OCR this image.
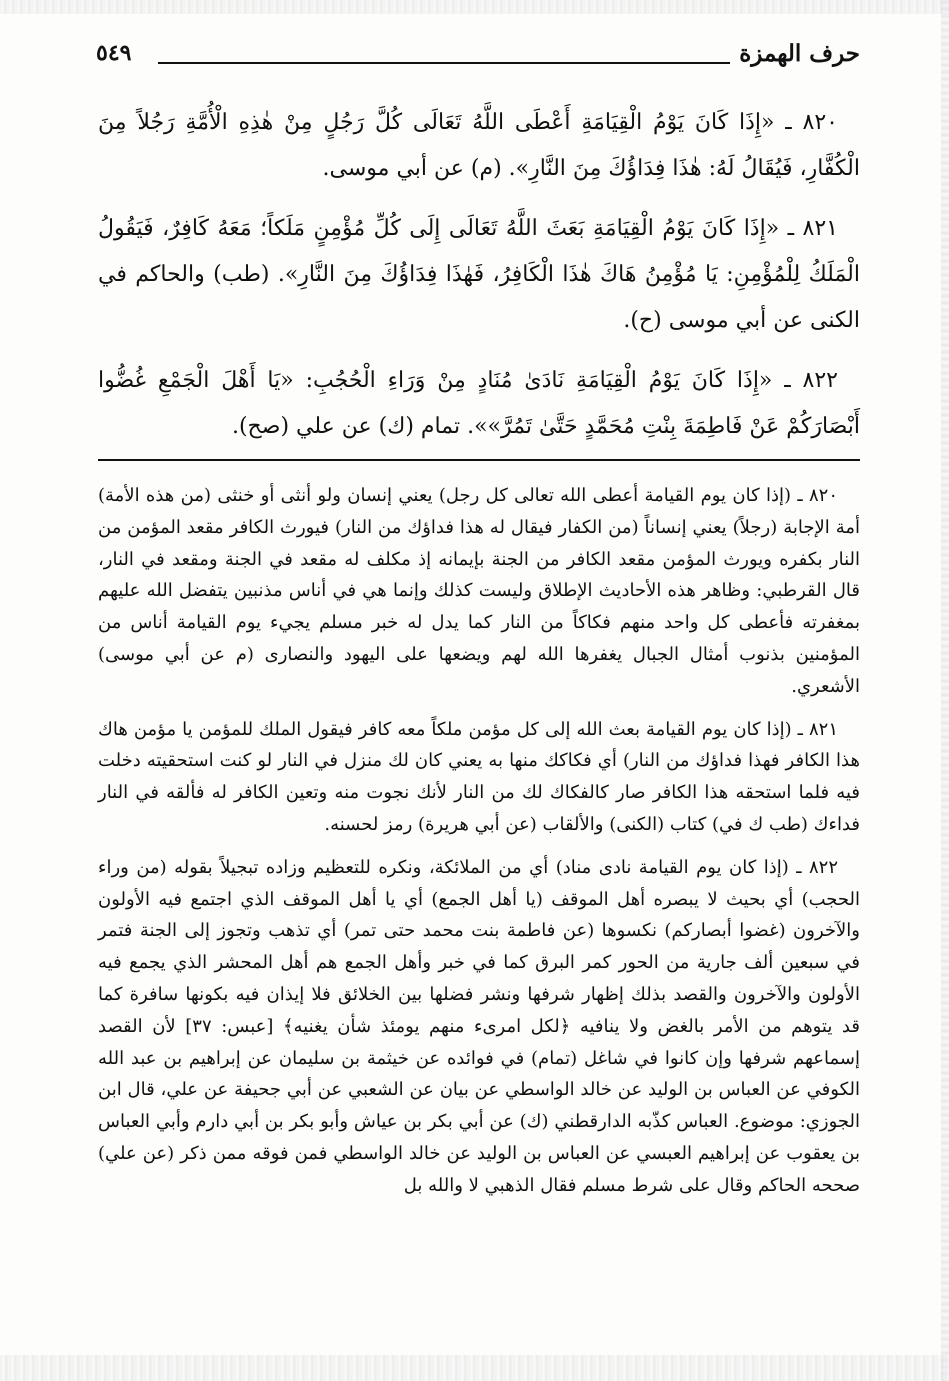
حرف الهمزة
٥٤٩

٨٢٠ ـ «إِذَا كَانَ يَوْمُ الْقِيَامَةِ أَعْطَى اللَّهُ تَعَالَى كُلَّ رَجُلٍ مِنْ هٰذِهِ الْأُمَّةِ رَجُلاً مِنَ الْكُفَّارِ، فَيُقَالُ لَهُ: هٰذَا فِدَاؤُكَ مِنَ النَّارِ». (م) عن أبي موسى.

٨٢١ ـ «إِذَا كَانَ يَوْمُ الْقِيَامَةِ بَعَثَ اللَّهُ تَعَالَى إِلَى كُلِّ مُؤْمِنٍ مَلَكاً؛ مَعَهُ كَافِرٌ، فَيَقُولُ الْمَلَكُ لِلْمُؤْمِنِ: يَا مُؤْمِنُ هَاكَ هٰذَا الْكَافِرُ، فَهٰذَا فِدَاؤُكَ مِنَ النَّارِ». (طب) والحاكم في الكنى عن أبي موسى (ح).

٨٢٢ ـ «إِذَا كَانَ يَوْمُ الْقِيَامَةِ نَادَىٰ مُنَادٍ مِنْ وَرَاءِ الْحُجُبِ: «يَا أَهْلَ الْجَمْعِ غُضُّوا أَبْصَارَكُمْ عَنْ فَاطِمَةَ بِنْتِ مُحَمَّدٍ حَتَّىٰ تَمُرَّ»». تمام (ك) عن علي (صح).

٨٢٠ ـ (إذا كان يوم القيامة أعطى الله تعالى كل رجل) يعني إنسان ولو أنثى أو خنثى (من هذه الأمة) أمة الإجابة (رجلاً) يعني إنساناً (من الكفار فيقال له هذا فداؤك من النار) فيورث الكافر مقعد المؤمن من النار بكفره ويورث المؤمن مقعد الكافر من الجنة بإيمانه إذ مكلف له مقعد في الجنة ومقعد في النار، قال القرطبي: وظاهر هذه الأحاديث الإطلاق وليست كذلك وإنما هي في أناس مذنبين يتفضل الله عليهم بمغفرته فأعطى كل واحد منهم فكاكاً من النار كما يدل له خبر مسلم يجيء يوم القيامة أناس من المؤمنين بذنوب أمثال الجبال يغفرها الله لهم ويضعها على اليهود والنصارى (م عن أبي موسى) الأشعري.

٨٢١ ـ (إذا كان يوم القيامة بعث الله إلى كل مؤمن ملكاً معه كافر فيقول الملك للمؤمن يا مؤمن هاك هذا الكافر فهذا فداؤك من النار) أي فكاكك منها به يعني كان لك منزل في النار لو كنت استحقيته دخلت فيه فلما استحقه هذا الكافر صار كالفكاك لك من النار لأنك نجوت منه وتعين الكافر له فألقه في النار فداءك (طب ك في) كتاب (الكنى) والألقاب (عن أبي هريرة) رمز لحسنه.

٨٢٢ ـ (إذا كان يوم القيامة نادى مناد) أي من الملائكة، ونكره للتعظيم وزاده تبجيلاً بقوله (من وراء الحجب) أي بحيث لا يبصره أهل الموقف (يا أهل الجمع) أي يا أهل الموقف الذي اجتمع فيه الأولون والآخرون (غضوا أبصاركم) نكسوها (عن فاطمة بنت محمد حتى تمر) أي تذهب وتجوز إلى الجنة فتمر في سبعين ألف جارية من الحور كمر البرق كما في خبر وأهل الجمع هم أهل المحشر الذي يجمع فيه الأولون والآخرون والقصد بذلك إظهار شرفها ونشر فضلها بين الخلائق فلا إيذان فيه بكونها سافرة كما قد يتوهم من الأمر بالغض ولا ينافيه ﴿لكل امرىء منهم يومئذ شأن يغنيه﴾ [عبس: ٣٧] لأن القصد إسماعهم شرفها وإن كانوا في شاغل (تمام) في فوائده عن خيثمة بن سليمان عن إبراهيم بن عبد الله الكوفي عن العباس بن الوليد عن خالد الواسطي عن بيان عن الشعبي عن أبي جحيفة عن علي، قال ابن الجوزي: موضوع. العباس كذّبه الدارقطني (ك) عن أبي بكر بن عياش وأبو بكر بن أبي دارم وأبي العباس بن يعقوب عن إبراهيم العبسي عن العباس بن الوليد عن خالد الواسطي فمن فوقه ممن ذكر (عن علي) صححه الحاكم وقال على شرط مسلم فقال الذهبي لا والله بل
